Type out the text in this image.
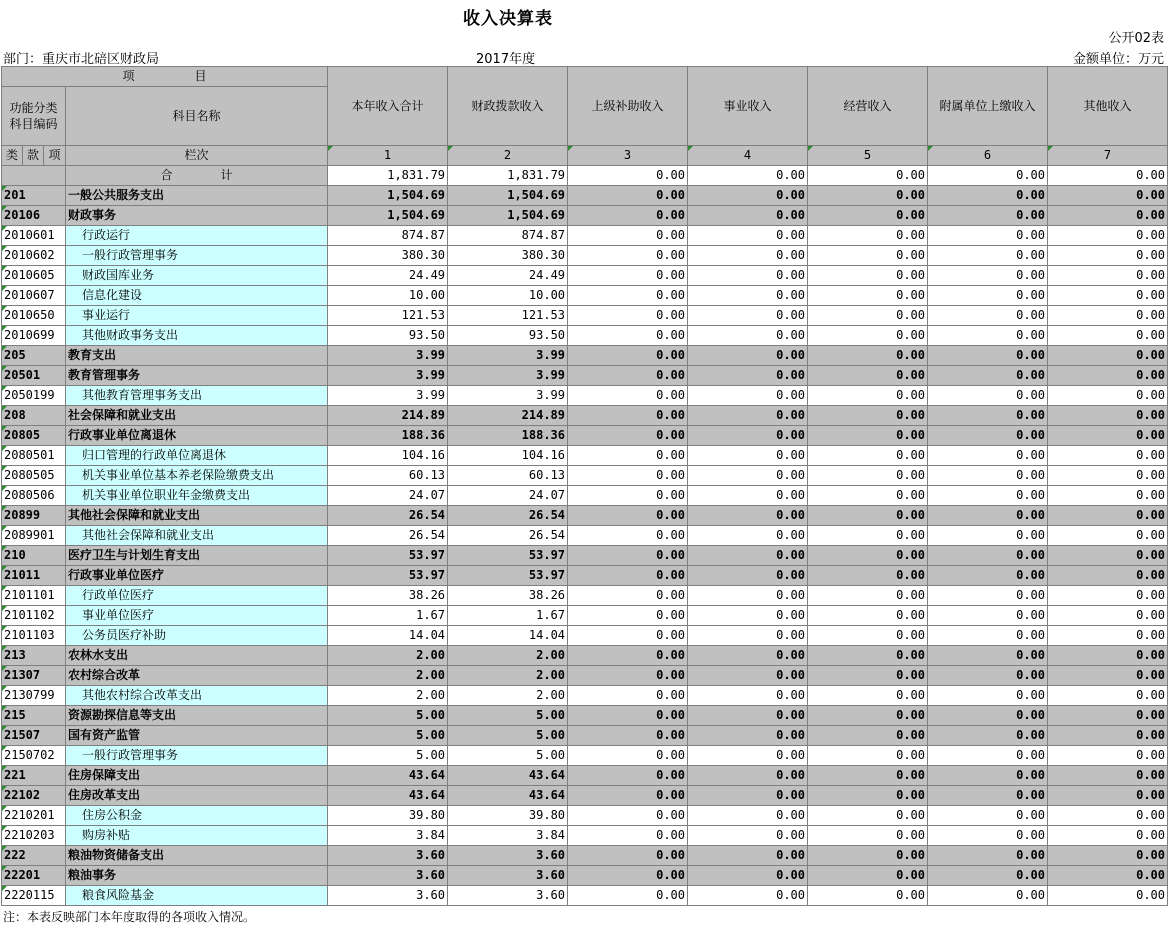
收入决算表
公开02表
部门：重庆市北碚区财政局	2017年度	金额单位：万元
项　　　　　目				本年收入合计	财政拨款收入	上级补助收入	事业收入	经营收入	附属单位上缴收入	其他收入
功能分类科目编码			科目名称							

类	款	项								
			栏次	1	2	3	4	5	6	7
			合　　　　计	1,831.79	1,831.79	0.00	0.00	0.00	0.00	0.00
201			一般公共服务支出	1,504.69	1,504.69	0.00	0.00	0.00	0.00	0.00
20106			财政事务	1,504.69	1,504.69	0.00	0.00	0.00	0.00	0.00
2010601			行政运行	874.87	874.87	0.00	0.00	0.00	0.00	0.00
2010602			一般行政管理事务	380.30	380.30	0.00	0.00	0.00	0.00	0.00
2010605			财政国库业务	24.49	24.49	0.00	0.00	0.00	0.00	0.00
2010607			信息化建设	10.00	10.00	0.00	0.00	0.00	0.00	0.00
2010650			事业运行	121.53	121.53	0.00	0.00	0.00	0.00	0.00
2010699			其他财政事务支出	93.50	93.50	0.00	0.00	0.00	0.00	0.00
205			教育支出	3.99	3.99	0.00	0.00	0.00	0.00	0.00
20501			教育管理事务	3.99	3.99	0.00	0.00	0.00	0.00	0.00
2050199			其他教育管理事务支出	3.99	3.99	0.00	0.00	0.00	0.00	0.00
208			社会保障和就业支出	214.89	214.89	0.00	0.00	0.00	0.00	0.00
20805			行政事业单位离退休	188.36	188.36	0.00	0.00	0.00	0.00	0.00
2080501			归口管理的行政单位离退休	104.16	104.16	0.00	0.00	0.00	0.00	0.00
2080505			机关事业单位基本养老保险缴费支出	60.13	60.13	0.00	0.00	0.00	0.00	0.00
2080506			机关事业单位职业年金缴费支出	24.07	24.07	0.00	0.00	0.00	0.00	0.00
20899			其他社会保障和就业支出	26.54	26.54	0.00	0.00	0.00	0.00	0.00
2089901			其他社会保障和就业支出	26.54	26.54	0.00	0.00	0.00	0.00	0.00
210			医疗卫生与计划生育支出	53.97	53.97	0.00	0.00	0.00	0.00	0.00
21011			行政事业单位医疗	53.97	53.97	0.00	0.00	0.00	0.00	0.00
2101101			行政单位医疗	38.26	38.26	0.00	0.00	0.00	0.00	0.00
2101102			事业单位医疗	1.67	1.67	0.00	0.00	0.00	0.00	0.00
2101103			公务员医疗补助	14.04	14.04	0.00	0.00	0.00	0.00	0.00
213			农林水支出	2.00	2.00	0.00	0.00	0.00	0.00	0.00
21307			农村综合改革	2.00	2.00	0.00	0.00	0.00	0.00	0.00
2130799			其他农村综合改革支出	2.00	2.00	0.00	0.00	0.00	0.00	0.00
215			资源勘探信息等支出	5.00	5.00	0.00	0.00	0.00	0.00	0.00
21507			国有资产监管	5.00	5.00	0.00	0.00	0.00	0.00	0.00
2150702			一般行政管理事务	5.00	5.00	0.00	0.00	0.00	0.00	0.00
221			住房保障支出	43.64	43.64	0.00	0.00	0.00	0.00	0.00
22102			住房改革支出	43.64	43.64	0.00	0.00	0.00	0.00	0.00
2210201			住房公积金	39.80	39.80	0.00	0.00	0.00	0.00	0.00
2210203			购房补贴	3.84	3.84	0.00	0.00	0.00	0.00	0.00
222			粮油物资储备支出	3.60	3.60	0.00	0.00	0.00	0.00	0.00
22201			粮油事务	3.60	3.60	0.00	0.00	0.00	0.00	0.00
2220115			粮食风险基金	3.60	3.60	0.00	0.00	0.00	0.00	0.00
注：本表反映部门本年度取得的各项收入情况。
